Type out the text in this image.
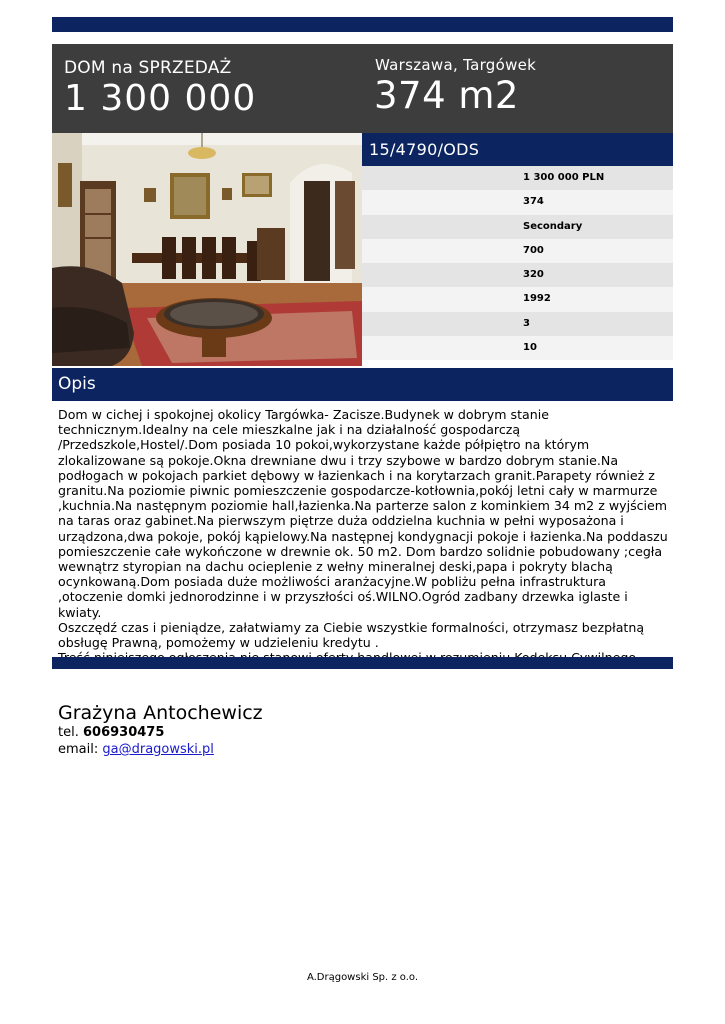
DOM na SPRZEDAŻ
1 300 000
Warszawa, Targówek
374 m2
15/4790/ODS
1 300 000 PLN
374
Secondary
700
320
1992
3
10
Opis

Dom w cichej i spokojnej okolicy Targówka- Zacisze.Budynek w dobrym stanie technicznym.Idealny na cele mieszkalne jak i na działalność gospodarczą /Przedszkole,Hostel/.Dom posiada 10 pokoi,wykorzystane każde półpiętro na którym zlokalizowane są pokoje.Okna drewniane dwu i trzy szybowe w bardzo dobrym stanie.Na podłogach w pokojach parkiet dębowy w łazienkach i na korytarzach granit.Parapety również z granitu.Na poziomie piwnic pomieszczenie gospodarcze-kotłownia,pokój letni cały w marmurze ,kuchnia.Na następnym poziomie hall,łazienka.Na parterze salon z kominkiem 34 m2 z wyjściem na taras oraz gabinet.Na pierwszym piętrze duża oddzielna kuchnia w pełni wyposażona i urządzona,dwa pokoje, pokój kąpielowy.Na następnej kondygnacji pokoje i łazienka.Na poddaszu pomieszczenie całe wykończone w drewnie ok. 50 m2. Dom bardzo solidnie pobudowany ;cegła wewnątrz styropian na dachu ocieplenie z wełny mineralnej deski,papa i pokryty blachą ocynkowaną.Dom posiada duże możliwości aranżacyjne.W pobliżu pełna infrastruktura ,otoczenie domki jednorodzinne i w przyszłości oś.WILNO.Ogród zadbany drzewka iglaste i kwiaty.

Oszczędź czas i pieniądze, załatwiamy za Ciebie wszystkie formalności, otrzymasz bezpłatną obsługę Prawną, pomożemy w udzieleniu kredytu .

Grażyna Antochewicz
tel. 606930475
email: ga@dragowski.pl
A.Drągowski Sp. z o.o.
